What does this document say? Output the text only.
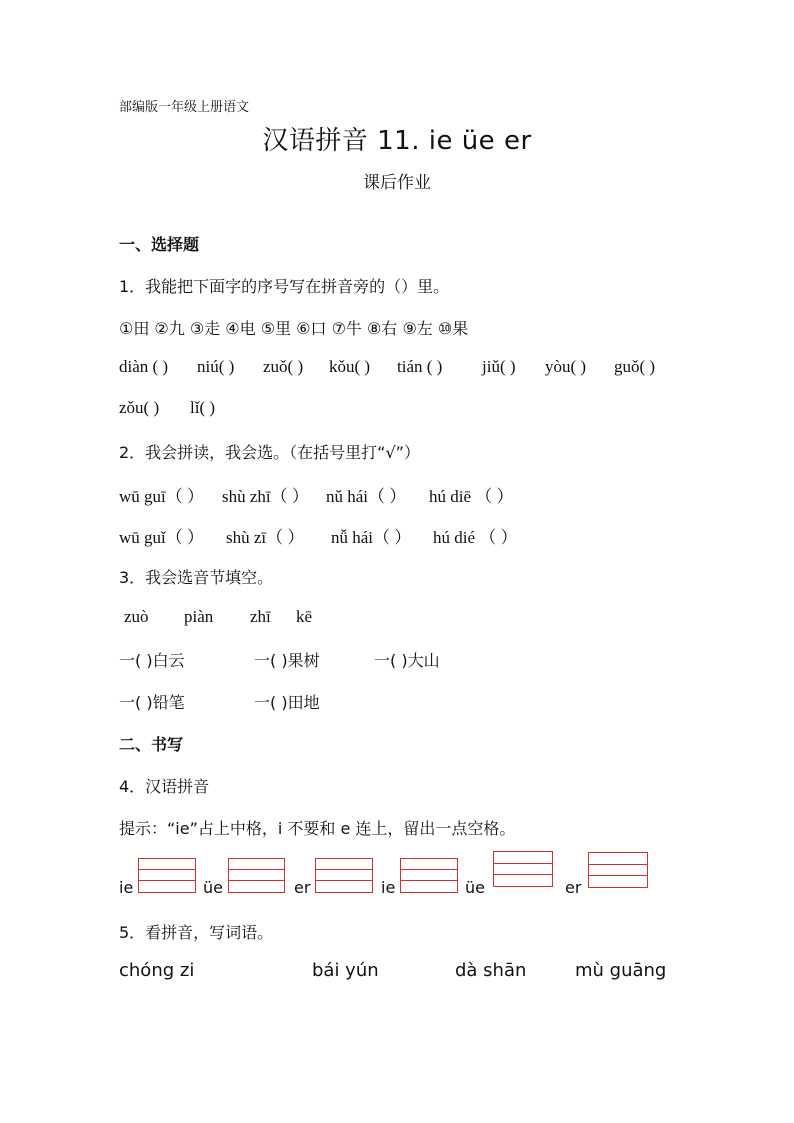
部编版一年级上册语文
汉语拼音 11. ie üe er
课后作业
一、选择题
1．我能把下面字的序号写在拼音旁的（）里。
①田 ②九 ③走 ④电 ⑤里 ⑥口 ⑦牛 ⑧右 ⑨左 ⑩果
diàn ( ) niú( ) zuǒ( ) kǒu( ) tián ( ) jiǔ( ) yòu( ) guǒ( )
zǒu( ) lǐ( )
2．我会拼读，我会选。（在括号里打“√”）
wū guī（ ） shù zhī（ ） nǔ hái（ ） hú diē （ ）
wū guǐ（ ） shù zī（ ） nǚ hái（ ） hú dié （ ）
3．我会选音节填空。
zuò piàn zhī kē
一( )白云	一( )果树	一( )大山
一( )铅笔	一( )田地
二、书写
4．汉语拼音
提示：“ie”占上中格，i 不要和 e 连上，留出一点空格。
ie	üe	er	ie	üe	er
5．看拼音，写词语。
chóng zi	bái yún	dà shān	mù guāng
